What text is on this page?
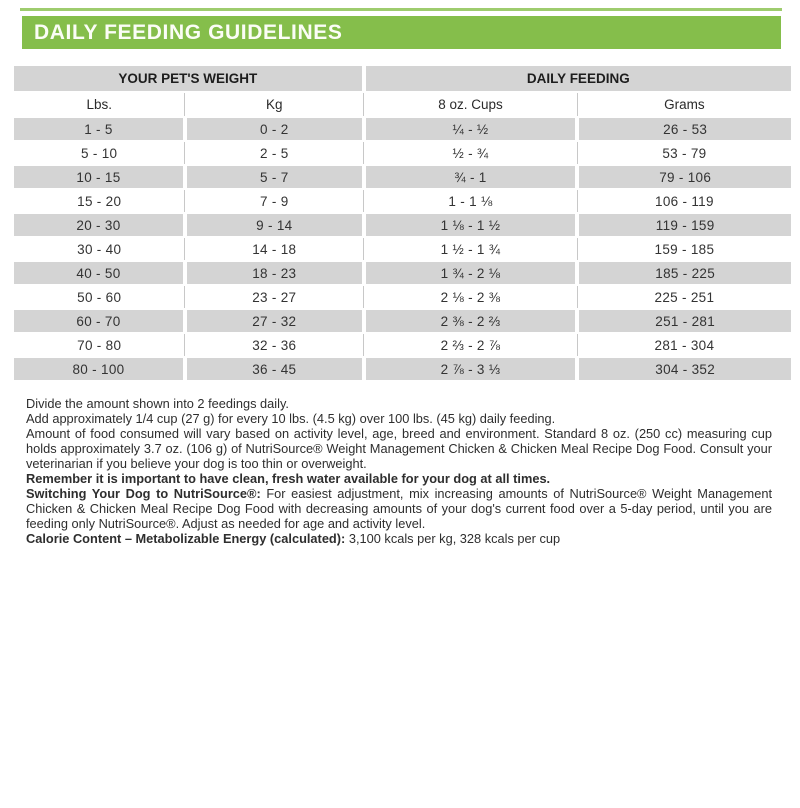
DAILY FEEDING GUIDELINES
YOUR PET'S WEIGHT		DAILY FEEDING	
Lbs.	Kg	8 oz. Cups	Grams
1 - 5	0 - 2	¼ - ½	26 - 53
5 - 10	2 - 5	½ - ¾	53 - 79
10 - 15	5 - 7	¾ - 1	79 - 106
15 - 20	7 - 9	1 - 1 ⅛	106 - 119
20 - 30	9 - 14	1 ⅛ - 1 ½	119 - 159
30 - 40	14 - 18	1 ½ - 1 ¾	159 - 185
40 - 50	18 - 23	1 ¾ - 2 ⅛	185 - 225
50 - 60	23 - 27	2 ⅛ - 2 ⅜	225 - 251
60 - 70	27 - 32	2 ⅜ - 2 ⅔	251 - 281
70 - 80	32 - 36	2 ⅔ - 2 ⅞	281 - 304
80 - 100	36 - 45	2 ⅞ - 3 ⅓	304 - 352

Divide the amount shown into 2 feedings daily.

Add approximately 1/4 cup (27 g) for every 10 lbs. (4.5 kg) over 100 lbs. (45 kg) daily feeding.

Amount of food consumed will vary based on activity level, age, breed and environment. Standard 8 oz. (250 cc) measuring cup holds approximately 3.7 oz. (106 g) of NutriSource® Weight Management Chicken & Chicken Meal Recipe Dog Food. Consult your veterinarian if you believe your dog is too thin or overweight.

Remember it is important to have clean, fresh water available for your dog at all times.

Switching Your Dog to NutriSource®: For easiest adjustment, mix increasing amounts of NutriSource® Weight Management Chicken & Chicken Meal Recipe Dog Food with decreasing amounts of your dog's current food over a 5-day period, until you are feeding only NutriSource®. Adjust as needed for age and activity level.

Calorie Content – Metabolizable Energy (calculated): 3,100 kcals per kg, 328 kcals per cup
